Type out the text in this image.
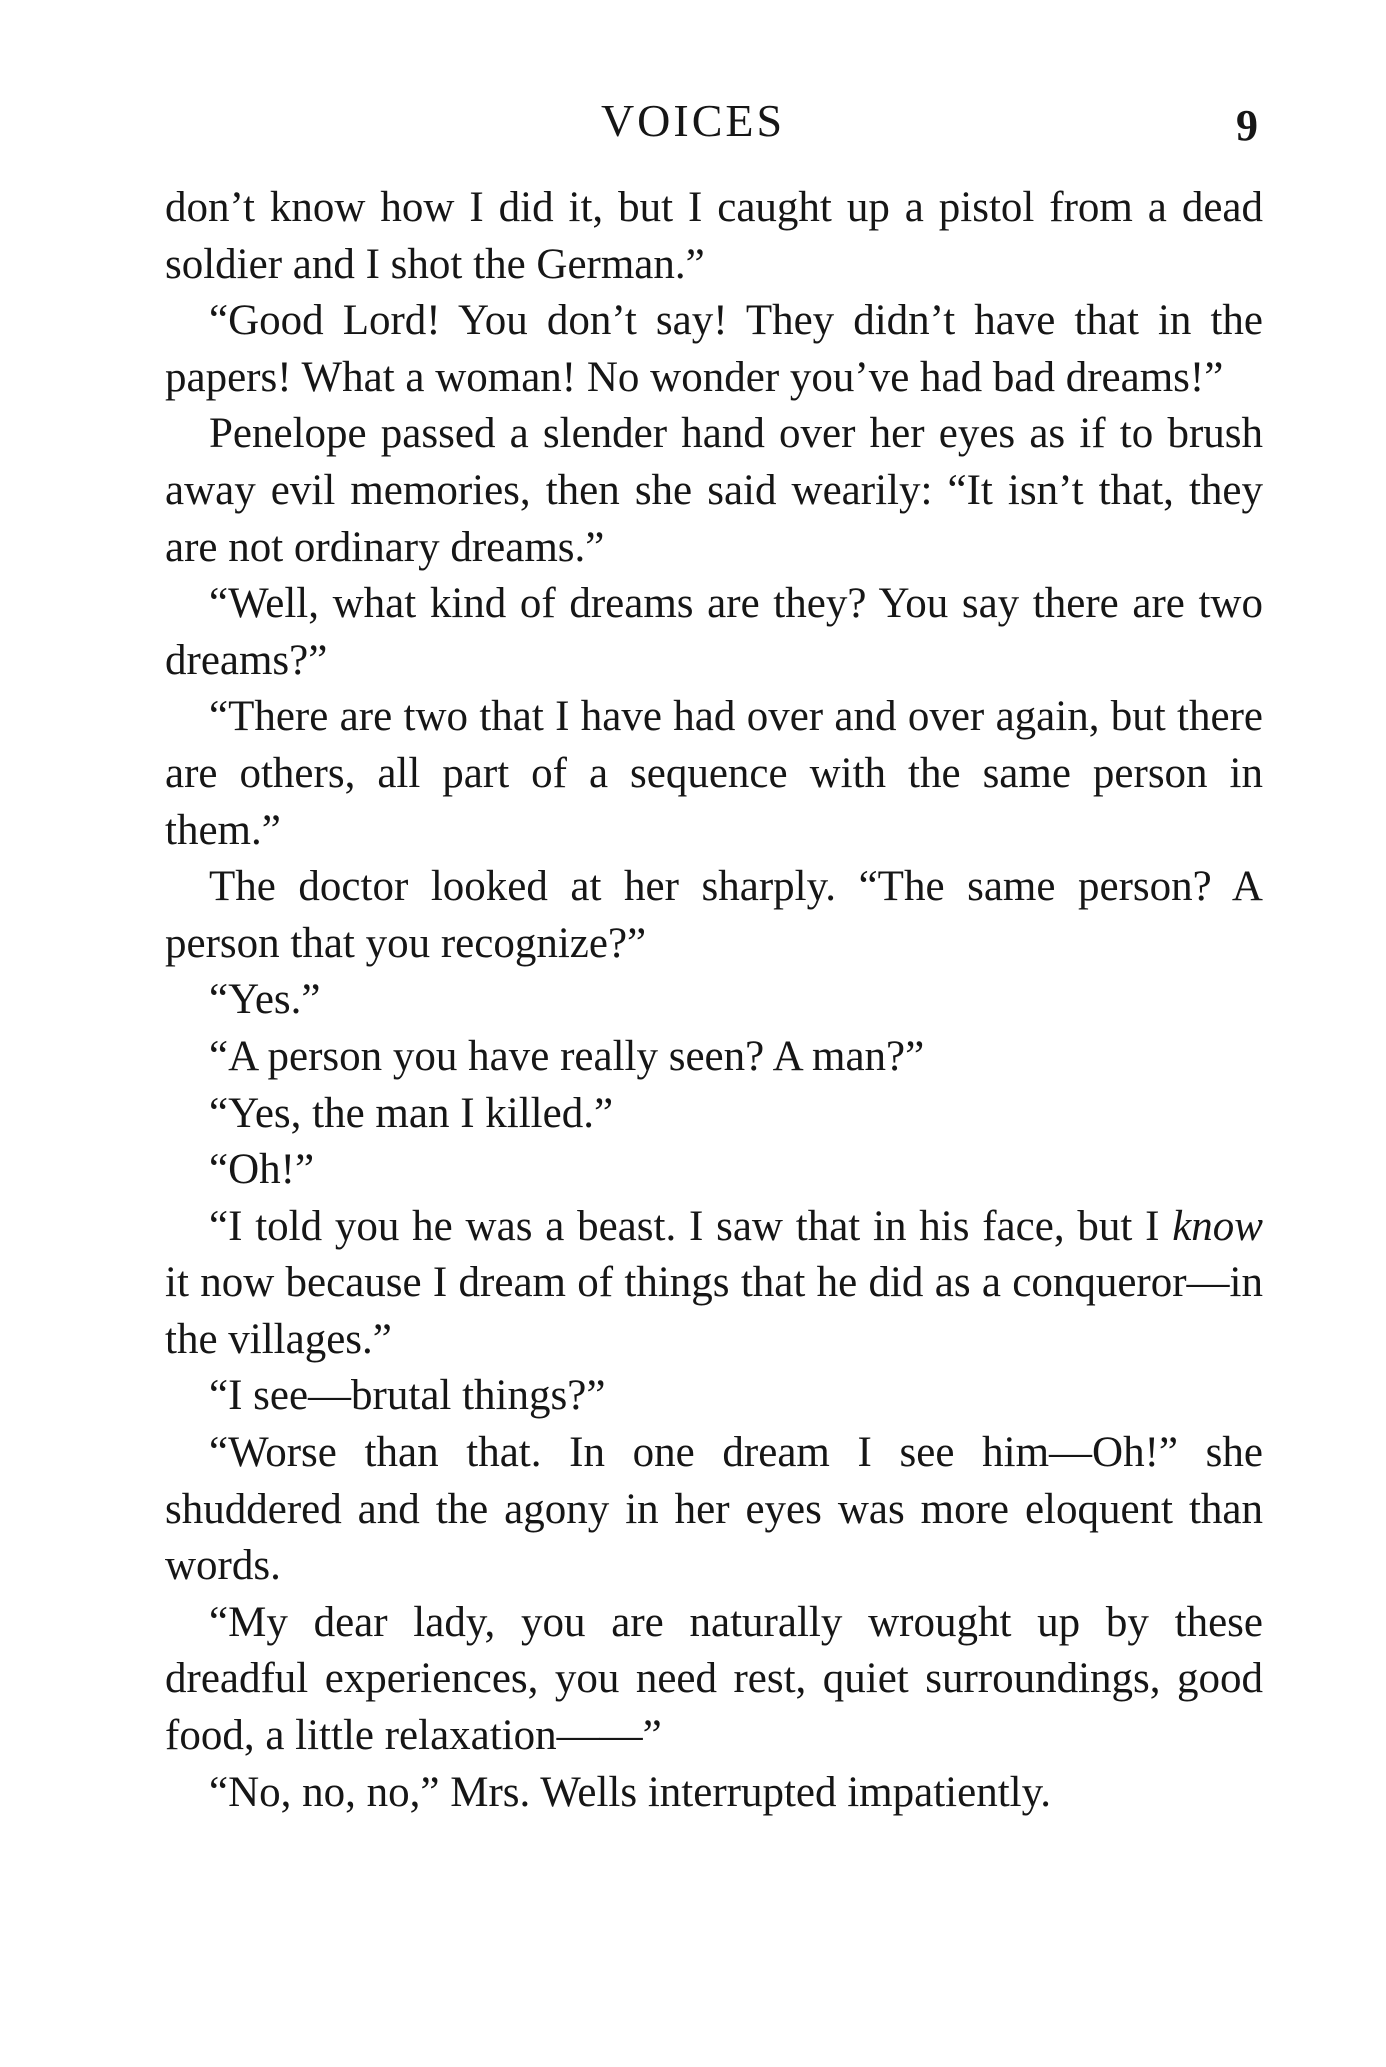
VOICES	9

don’t know how I did it, but I caught up a pistol from a dead soldier and I shot the German.”

“Good Lord! You don’t say! They didn’t have that in the papers! What a woman! No wonder you’ve had bad dreams!”

Penelope passed a slender hand over her eyes as if to brush away evil memories, then she said wearily: “It isn’t that, they are not ordinary dreams.”

“Well, what kind of dreams are they? You say there are two dreams?”

“There are two that I have had over and over again, but there are others, all part of a sequence with the same person in them.”

The doctor looked at her sharply. “The same person? A person that you recognize?”

“Yes.”

“A person you have really seen? A man?”

“Yes, the man I killed.”

“Oh!”

“I told you he was a beast. I saw that in his face, but I know it now because I dream of things that he did as a conqueror—in the villages.”

“I see—brutal things?”

“Worse than that. In one dream I see him—Oh!” she shuddered and the agony in her eyes was more eloquent than words.

“My dear lady, you are naturally wrought up by these dreadful experiences, you need rest, quiet surroundings, good food, a little relaxation——”

“No, no, no,” Mrs. Wells interrupted impatiently.
